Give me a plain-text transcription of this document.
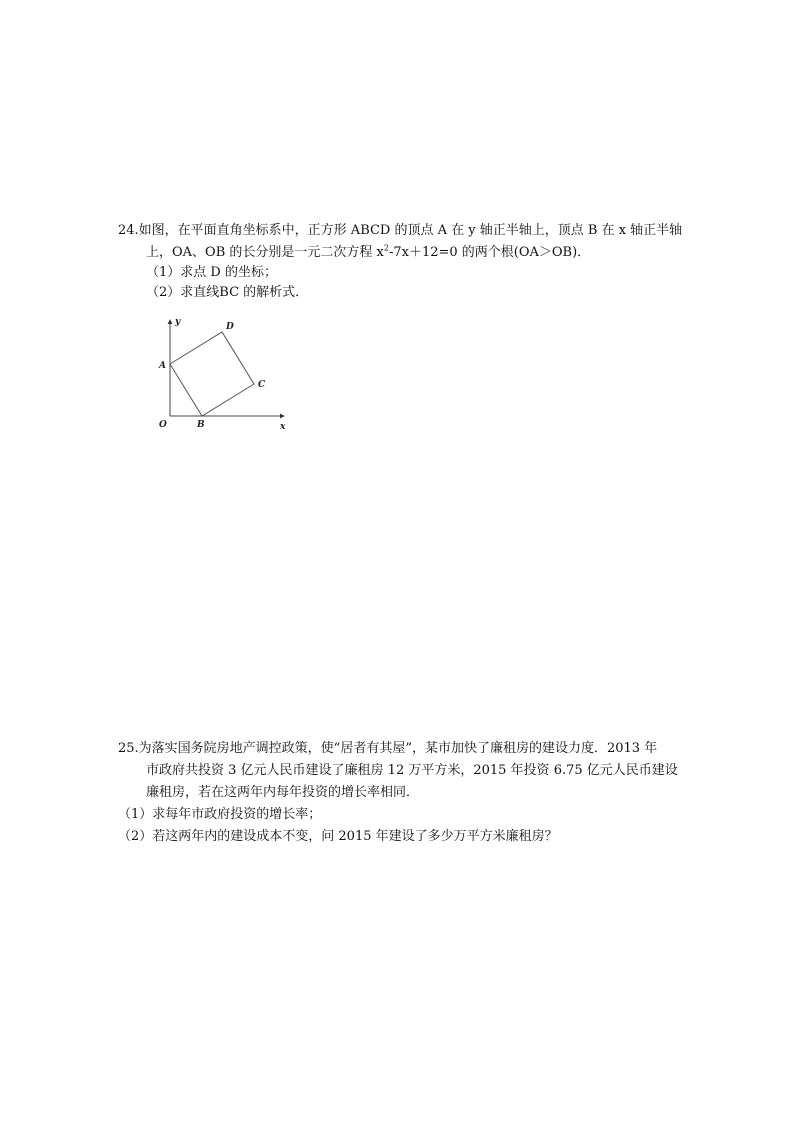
24.如图，在平面直角坐标系中，正方形 ABCD 的顶点 A 在 y 轴正半轴上，顶点 B 在 x 轴正半轴
上，OA、OB 的长分别是一元二次方程 $x^2-7x+12=0$ 的两个根(OA＞OB)．
（1）求点 D 的坐标；
（2）求直线BC 的解析式．
y
x
O
A
B
C
D
25.为落实国务院房地产调控政策，使“居者有其屋”，某市加快了廉租房的建设力度．2013 年
市政府共投资 3 亿元人民币建设了廉租房 12 万平方米，2015 年投资 6.75 亿元人民币建设
廉租房，若在这两年内每年投资的增长率相同．
（1）求每年市政府投资的增长率；
（2）若这两年内的建设成本不变，问 2015 年建设了多少万平方米廉租房？
